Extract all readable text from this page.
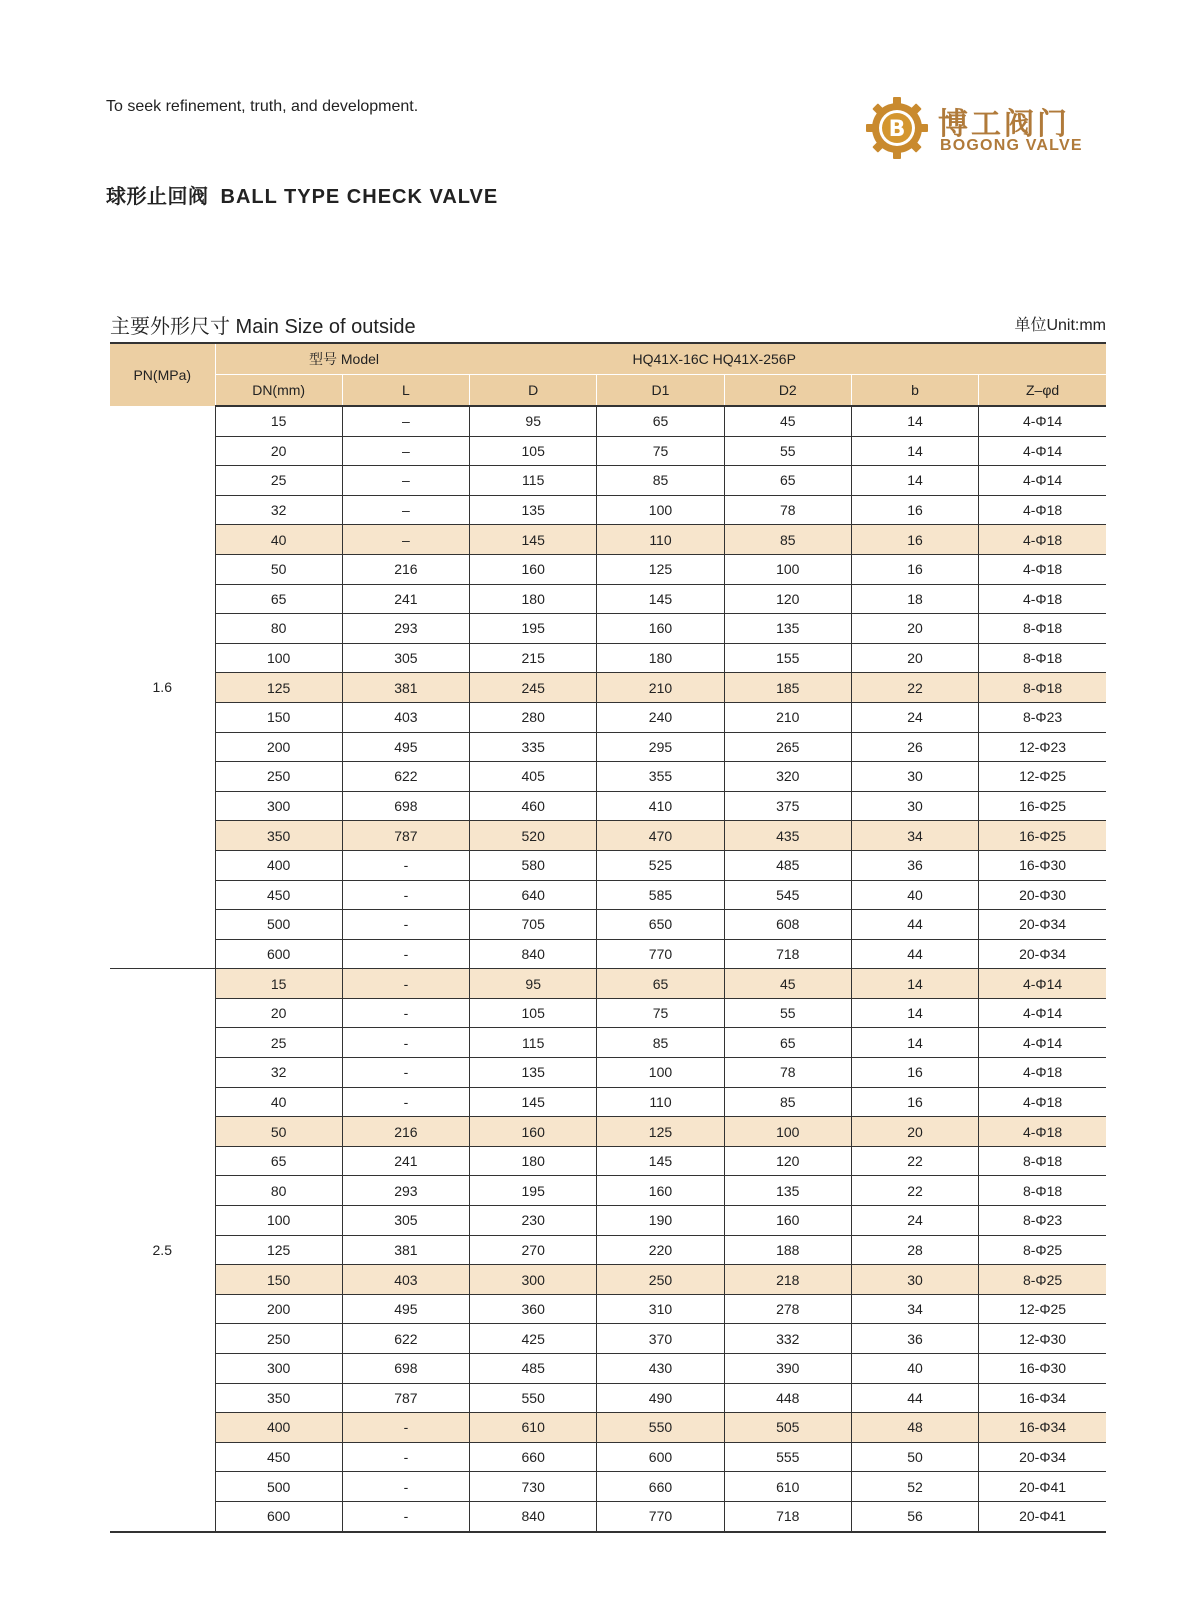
To seek refinement, truth, and development.
B 博工阀门
BOGONG VALVE
球形止回阀 BALL TYPE CHECK VALVE
主要外形尺寸 Main Size of outside	单位Unit:mm
PN(MPa)	型号 Model HQ41X-16C HQ41X-256P						
	DN(mm)	L	D	D1	D2	b	Z–φd
1.6	15	–	95	65	45	14	4-Φ14
	20	–	105	75	55	14	4-Φ14
	25	–	115	85	65	14	4-Φ14
	32	–	135	100	78	16	4-Φ18
	40	–	145	110	85	16	4-Φ18
	50	216	160	125	100	16	4-Φ18
	65	241	180	145	120	18	4-Φ18
	80	293	195	160	135	20	8-Φ18
	100	305	215	180	155	20	8-Φ18
	125	381	245	210	185	22	8-Φ18
	150	403	280	240	210	24	8-Φ23
	200	495	335	295	265	26	12-Φ23
	250	622	405	355	320	30	12-Φ25
	300	698	460	410	375	30	16-Φ25
	350	787	520	470	435	34	16-Φ25
	400	-	580	525	485	36	16-Φ30
	450	-	640	585	545	40	20-Φ30
	500	-	705	650	608	44	20-Φ34
	600	-	840	770	718	44	20-Φ34
2.5	15	-	95	65	45	14	4-Φ14
	20	-	105	75	55	14	4-Φ14
	25	-	115	85	65	14	4-Φ14
	32	-	135	100	78	16	4-Φ18
	40	-	145	110	85	16	4-Φ18
	50	216	160	125	100	20	4-Φ18
	65	241	180	145	120	22	8-Φ18
	80	293	195	160	135	22	8-Φ18
	100	305	230	190	160	24	8-Φ23
	125	381	270	220	188	28	8-Φ25
	150	403	300	250	218	30	8-Φ25
	200	495	360	310	278	34	12-Φ25
	250	622	425	370	332	36	12-Φ30
	300	698	485	430	390	40	16-Φ30
	350	787	550	490	448	44	16-Φ34
	400	-	610	550	505	48	16-Φ34
	450	-	660	600	555	50	20-Φ34
	500	-	730	660	610	52	20-Φ41
	600	-	840	770	718	56	20-Φ41
